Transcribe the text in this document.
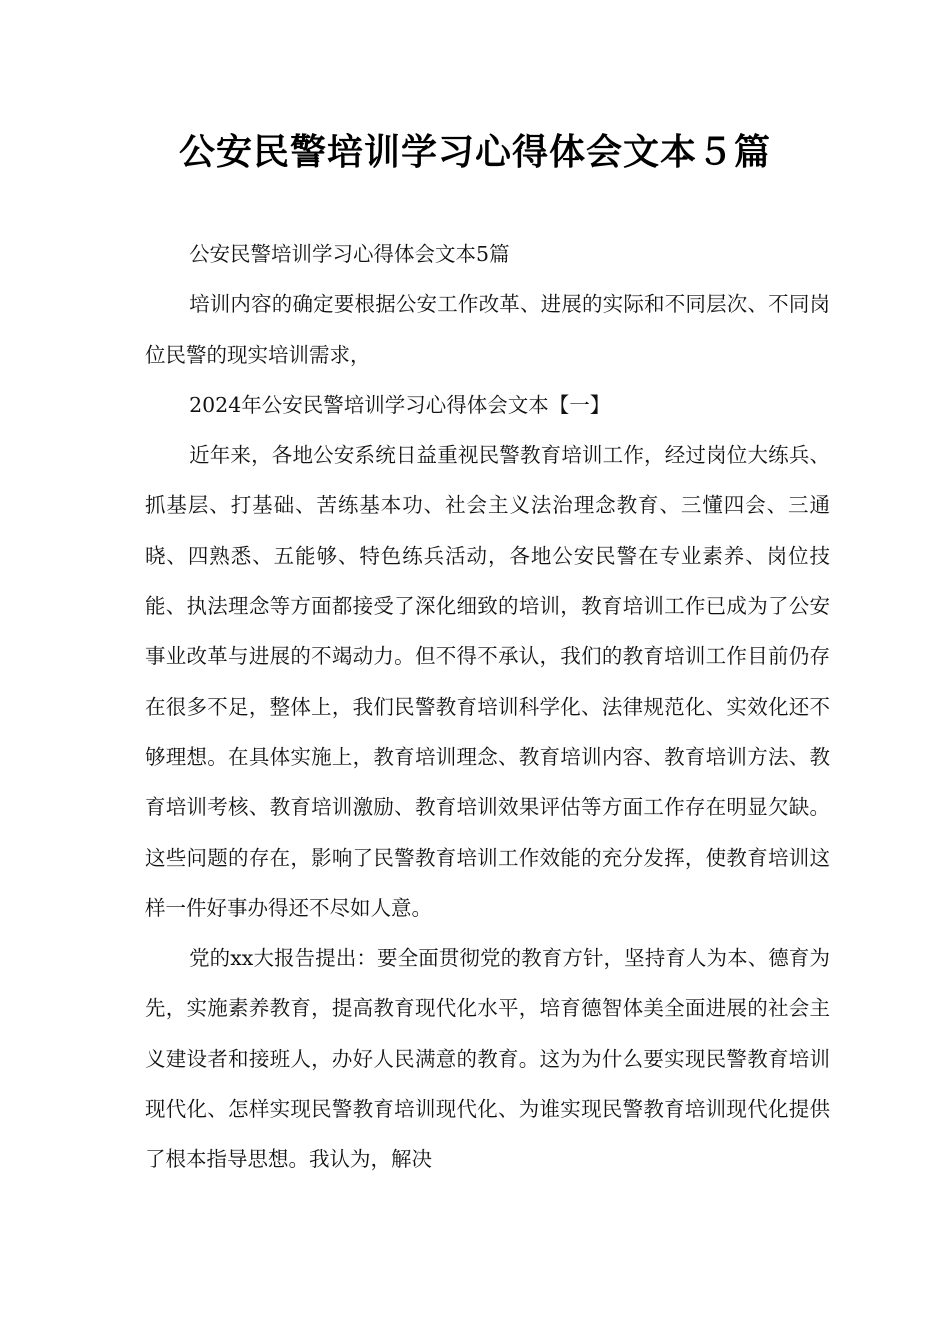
公安民警培训学习心得体会文本５篇

公安民警培训学习心得体会文本5篇

培训内容的确定要根据公安工作改革、进展的实际和不同层次、不同岗位民警的现实培训需求，

2024年公安民警培训学习心得体会文本【一】

近年来，各地公安系统日益重视民警教育培训工作，经过岗位大练兵、抓基层、打基础、苦练基本功、社会主义法治理念教育、三懂四会、三通晓、四熟悉、五能够、特色练兵活动，各地公安民警在专业素养、岗位技能、执法理念等方面都接受了深化细致的培训，教育培训工作已成为了公安事业改革与进展的不竭动力。但不得不承认，我们的教育培训工作目前仍存在很多不足，整体上，我们民警教育培训科学化、法律规范化、实效化还不够理想。在具体实施上，教育培训理念、教育培训内容、教育培训方法、教育培训考核、教育培训激励、教育培训效果评估等方面工作存在明显欠缺。这些问题的存在，影响了民警教育培训工作效能的充分发挥，使教育培训这样一件好事办得还不尽如人意。

党的xx大报告提出：要全面贯彻党的教育方针，坚持育人为本、德育为先，实施素养教育，提高教育现代化水平，培育德智体美全面进展的社会主义建设者和接班人，办好人民满意的教育。这为为什么要实现民警教育培训现代化、怎样实现民警教育培训现代化、为谁实现民警教育培训现代化提供了根本指导思想。我认为，解决
